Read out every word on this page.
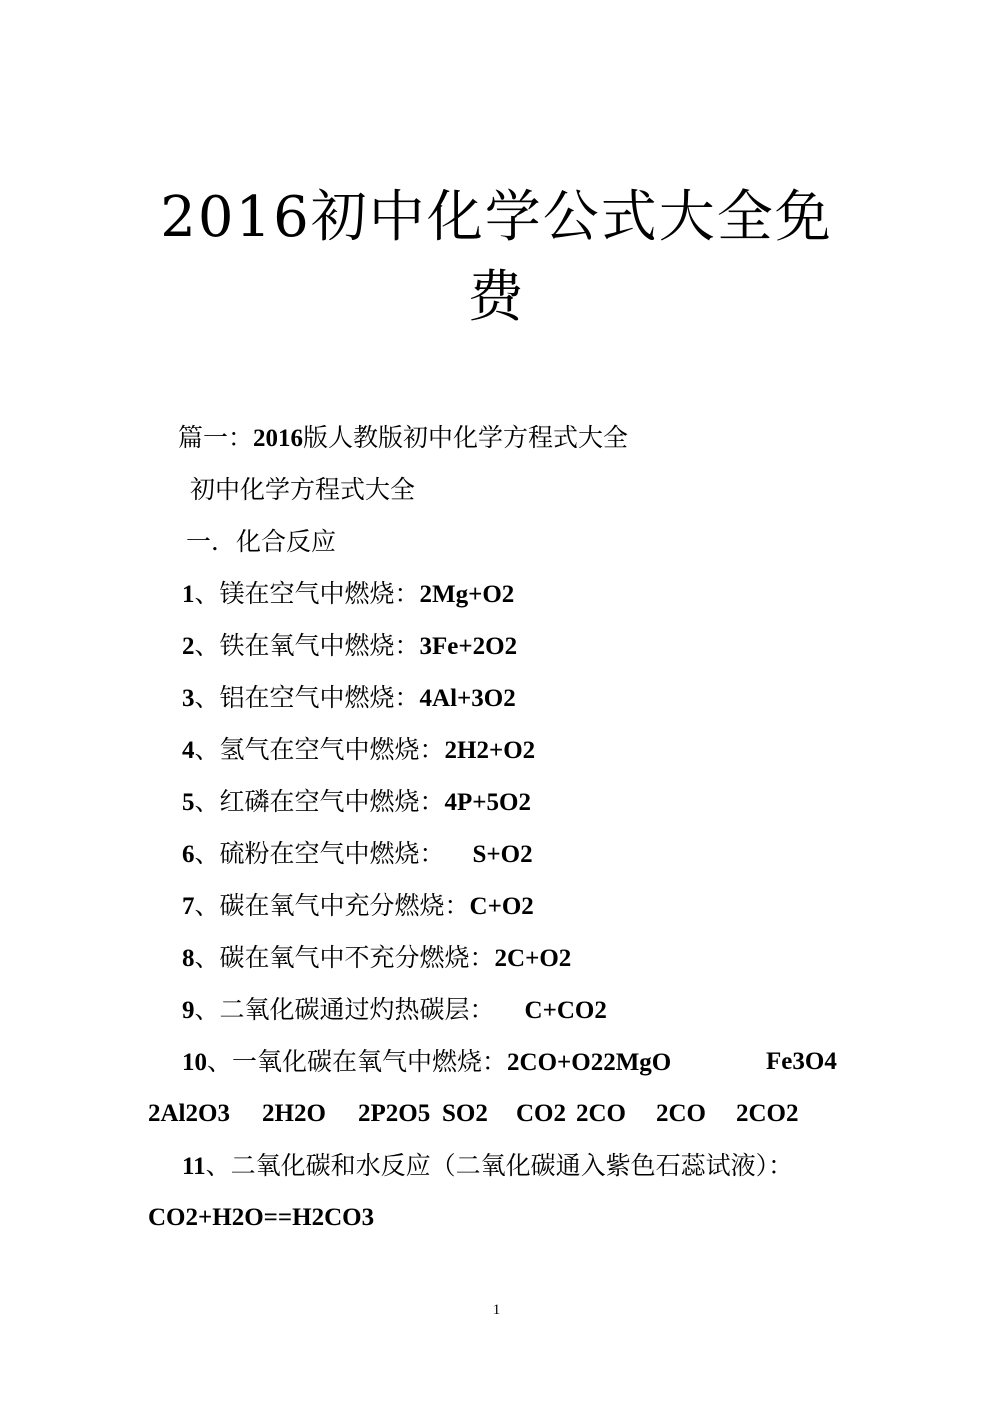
2016初中化学公式大全免
费
篇一：2016版人教版初中化学方程式大全
初中化学方程式大全
一．化合反应
1、镁在空气中燃烧：2Mg+O2
2、铁在氧气中燃烧：3Fe+2O2
3、铝在空气中燃烧：4Al+3O2
4、氢气在空气中燃烧：2H2+O2
5、红磷在空气中燃烧：4P+5O2
6、硫粉在空气中燃烧： S+O2
7、碳在氧气中充分燃烧：C+O2
8、碳在氧气中不充分燃烧：2C+O2
9、二氧化碳通过灼热碳层： C+CO2
10、一氧化碳在氧气中燃烧：2CO+O22MgO	Fe3O4
2Al2O3 2H2O 2P2O5 SO2 CO2 2CO 2CO 2CO2
11、二氧化碳和水反应（二氧化碳通入紫色石蕊试液）：
CO2+H2O==H2CO3
1
